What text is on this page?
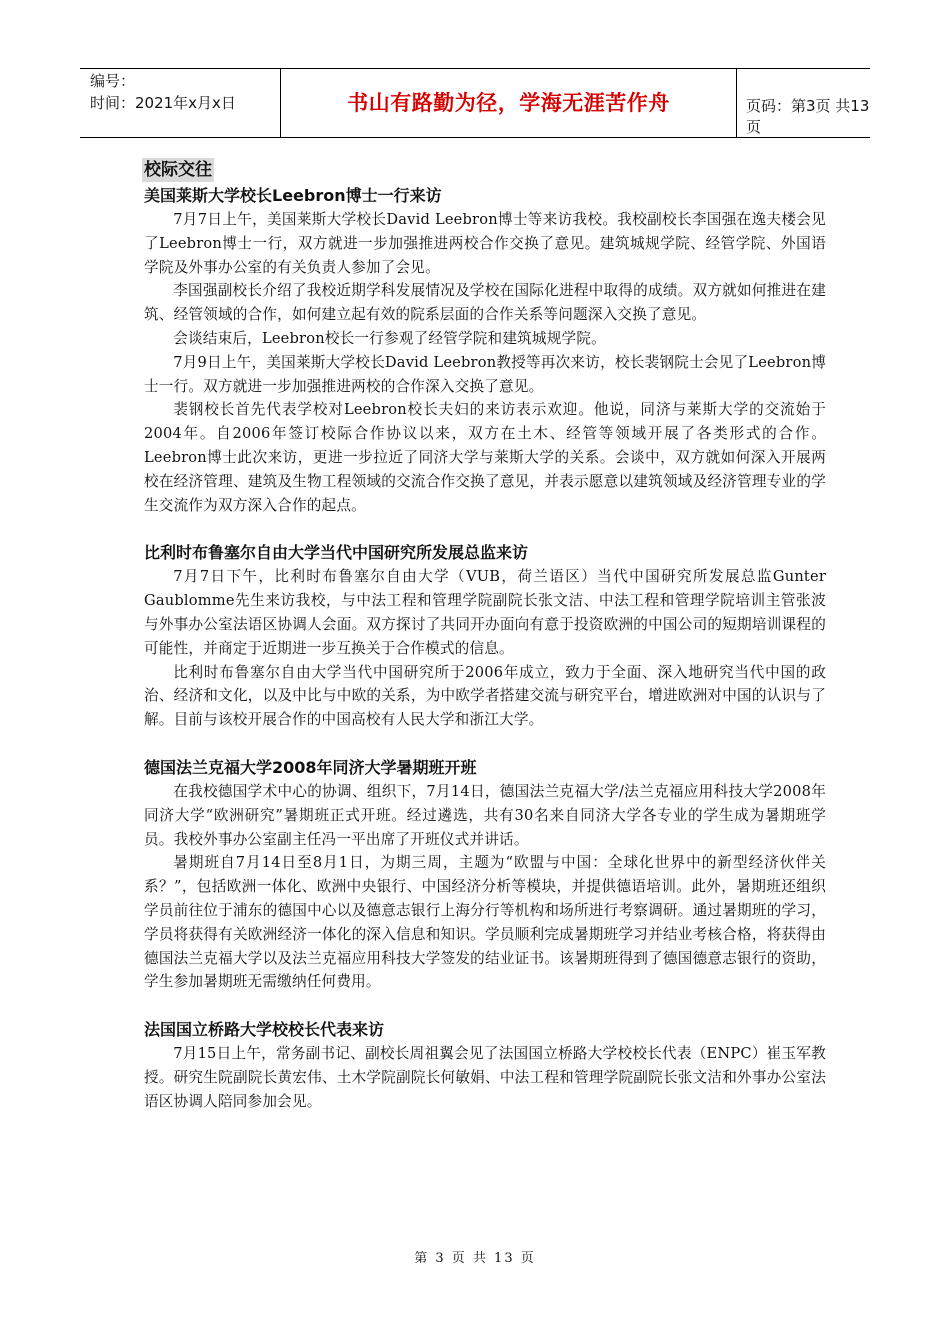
编号：
时间：2021年x月x日	书山有路勤为径，学海无涯苦作舟	页码：第3页 共13页
校际交往

美国莱斯大学校长Leebron博士一行来访

7月7日上午，美国莱斯大学校长David Leebron博士等来访我校。我校副校长李国强在逸夫楼会见了Leebron博士一行，双方就进一步加强推进两校合作交换了意见。建筑城规学院、经管学院、外国语学院及外事办公室的有关负责人参加了会见。

李国强副校长介绍了我校近期学科发展情况及学校在国际化进程中取得的成绩。双方就如何推进在建筑、经管领域的合作，如何建立起有效的院系层面的合作关系等问题深入交换了意见。

会谈结束后，Leebron校长一行参观了经管学院和建筑城规学院。

7月9日上午，美国莱斯大学校长David Leebron教授等再次来访，校长裴钢院士会见了Leebron博士一行。双方就进一步加强推进两校的合作深入交换了意见。

裴钢校长首先代表学校对Leebron校长夫妇的来访表示欢迎。他说，同济与莱斯大学的交流始于2004年。自2006年签订校际合作协议以来，双方在土木、经管等领域开展了各类形式的合作。Leebron博士此次来访，更进一步拉近了同济大学与莱斯大学的关系。会谈中，双方就如何深入开展两校在经济管理、建筑及生物工程领域的交流合作交换了意见，并表示愿意以建筑领域及经济管理专业的学生交流作为双方深入合作的起点。

比利时布鲁塞尔自由大学当代中国研究所发展总监来访

7月7日下午，比利时布鲁塞尔自由大学（VUB，荷兰语区）当代中国研究所发展总监Gunter Gaublomme先生来访我校，与中法工程和管理学院副院长张文洁、中法工程和管理学院培训主管张波与外事办公室法语区协调人会面。双方探讨了共同开办面向有意于投资欧洲的中国公司的短期培训课程的可能性，并商定于近期进一步互换关于合作模式的信息。

比利时布鲁塞尔自由大学当代中国研究所于2006年成立，致力于全面、深入地研究当代中国的政治、经济和文化，以及中比与中欧的关系，为中欧学者搭建交流与研究平台，增进欧洲对中国的认识与了解。目前与该校开展合作的中国高校有人民大学和浙江大学。

德国法兰克福大学2008年同济大学暑期班开班

在我校德国学术中心的协调、组织下，7月14日，德国法兰克福大学/法兰克福应用科技大学2008年同济大学“欧洲研究”暑期班正式开班。经过遴选，共有30名来自同济大学各专业的学生成为暑期班学员。我校外事办公室副主任冯一平出席了开班仪式并讲话。

暑期班自7月14日至8月1日，为期三周，主题为“欧盟与中国：全球化世界中的新型经济伙伴关系？”，包括欧洲一体化、欧洲中央银行、中国经济分析等模块，并提供德语培训。此外，暑期班还组织学员前往位于浦东的德国中心以及德意志银行上海分行等机构和场所进行考察调研。通过暑期班的学习，学员将获得有关欧洲经济一体化的深入信息和知识。学员顺利完成暑期班学习并结业考核合格，将获得由德国法兰克福大学以及法兰克福应用科技大学签发的结业证书。该暑期班得到了德国德意志银行的资助，学生参加暑期班无需缴纳任何费用。

法国国立桥路大学校校长代表来访

7月15日上午，常务副书记、副校长周祖翼会见了法国国立桥路大学校校长代表（ENPC）崔玉军教授。研究生院副院长黄宏伟、土木学院副院长何敏娟、中法工程和管理学院副院长张文洁和外事办公室法语区协调人陪同参加会见。

第 3 页 共 13 页
